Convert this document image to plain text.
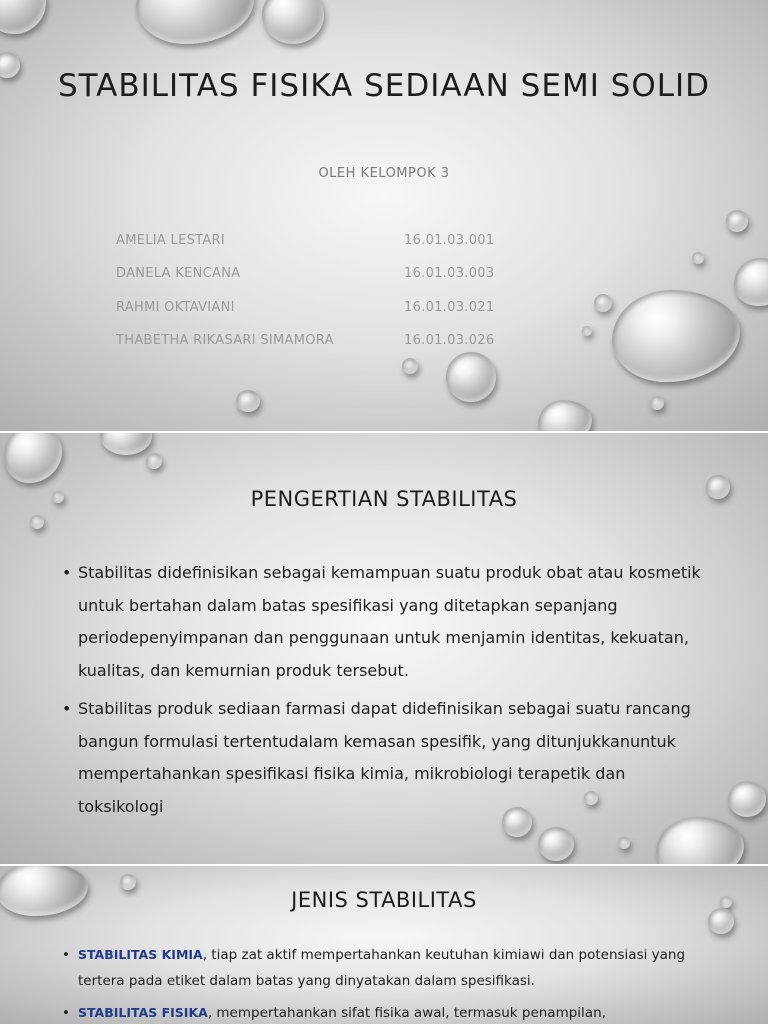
STABILITAS FISIKA SEDIAAN SEMI SOLID
OLEH KELOMPOK 3
AMELIA LESTARI	16.01.03.001
DANELA KENCANA	16.01.03.003
RAHMI OKTAVIANI	16.01.03.021
THABETHA RIKASARI SIMAMORA	16.01.03.026
PENGERTIAN STABILITAS
• Stabilitas didefinisikan sebagai kemampuan suatu produk obat atau kosmetik untuk bertahan dalam batas spesifikasi yang ditetapkan sepanjang periodepenyimpanan dan penggunaan untuk menjamin identitas, kekuatan, kualitas, dan kemurnian produk tersebut.
• Stabilitas produk sediaan farmasi dapat didefinisikan sebagai suatu rancang bangun formulasi tertentudalam kemasan spesifik, yang ditunjukkanuntuk mempertahankan spesifikasi fisika kimia, mikrobiologi terapetik dan toksikologi
JENIS STABILITAS
• STABILITAS KIMIA, tiap zat aktif mempertahankan keutuhan kimiawi dan potensiasi yang tertera pada etiket dalam batas yang dinyatakan dalam spesifikasi.
• STABILITAS FISIKA, mempertahankan sifat fisika awal, termasuk penampilan,
